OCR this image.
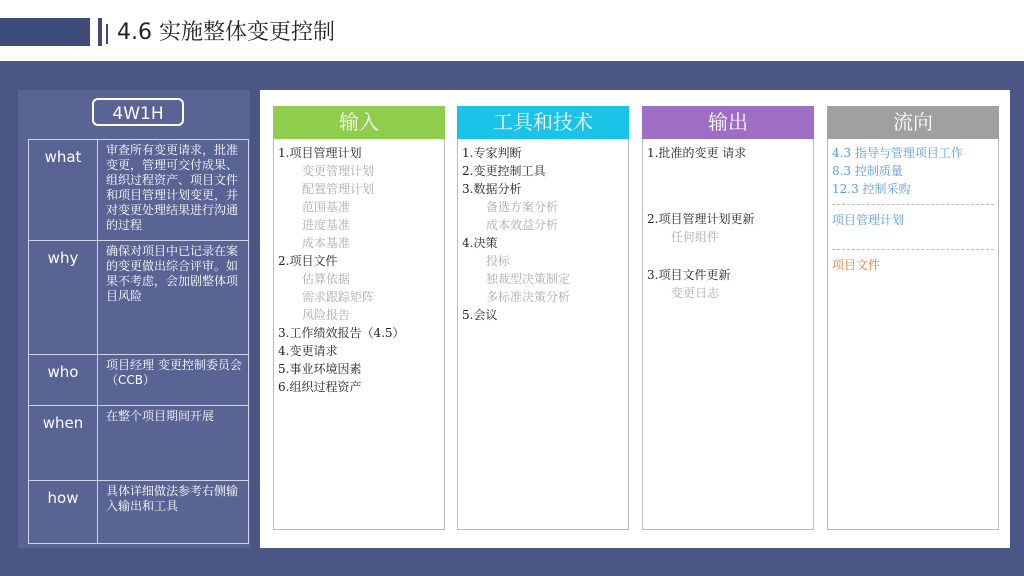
4.6 实施整体变更控制
4W1H
what	审查所有变更请求，批准变更，管理可交付成果、组织过程资产、项目文件和项目管理计划变更，并对变更处理结果进行沟通的过程
why	确保对项目中已记录在案的变更做出综合评审。如果不考虑，会加剧整体项目风险
who	项目经理 变更控制委员会（CCB）
when	在整个项目期间开展
how	具体详细做法参考右侧输入输出和工具
输入
1.项目管理计划
变更管理计划
配置管理计划
范围基准
进度基准
成本基准
2.项目文件
估算依据
需求跟踪矩阵
风险报告
3.工作绩效报告（4.5）
4.变更请求
5.事业环境因素
6.组织过程资产
工具和技术
1.专家判断
2.变更控制工具
3.数据分析
备选方案分析
成本效益分析
4.决策
投标
独裁型决策制定
多标准决策分析
5.会议
输出
1.批准的变更 请求
2.项目管理计划更新
任何组件
3.项目文件更新
变更日志
流向
4.3 指导与管理项目工作
8.3 控制质量
12.3 控制采购
项目管理计划
项目文件
